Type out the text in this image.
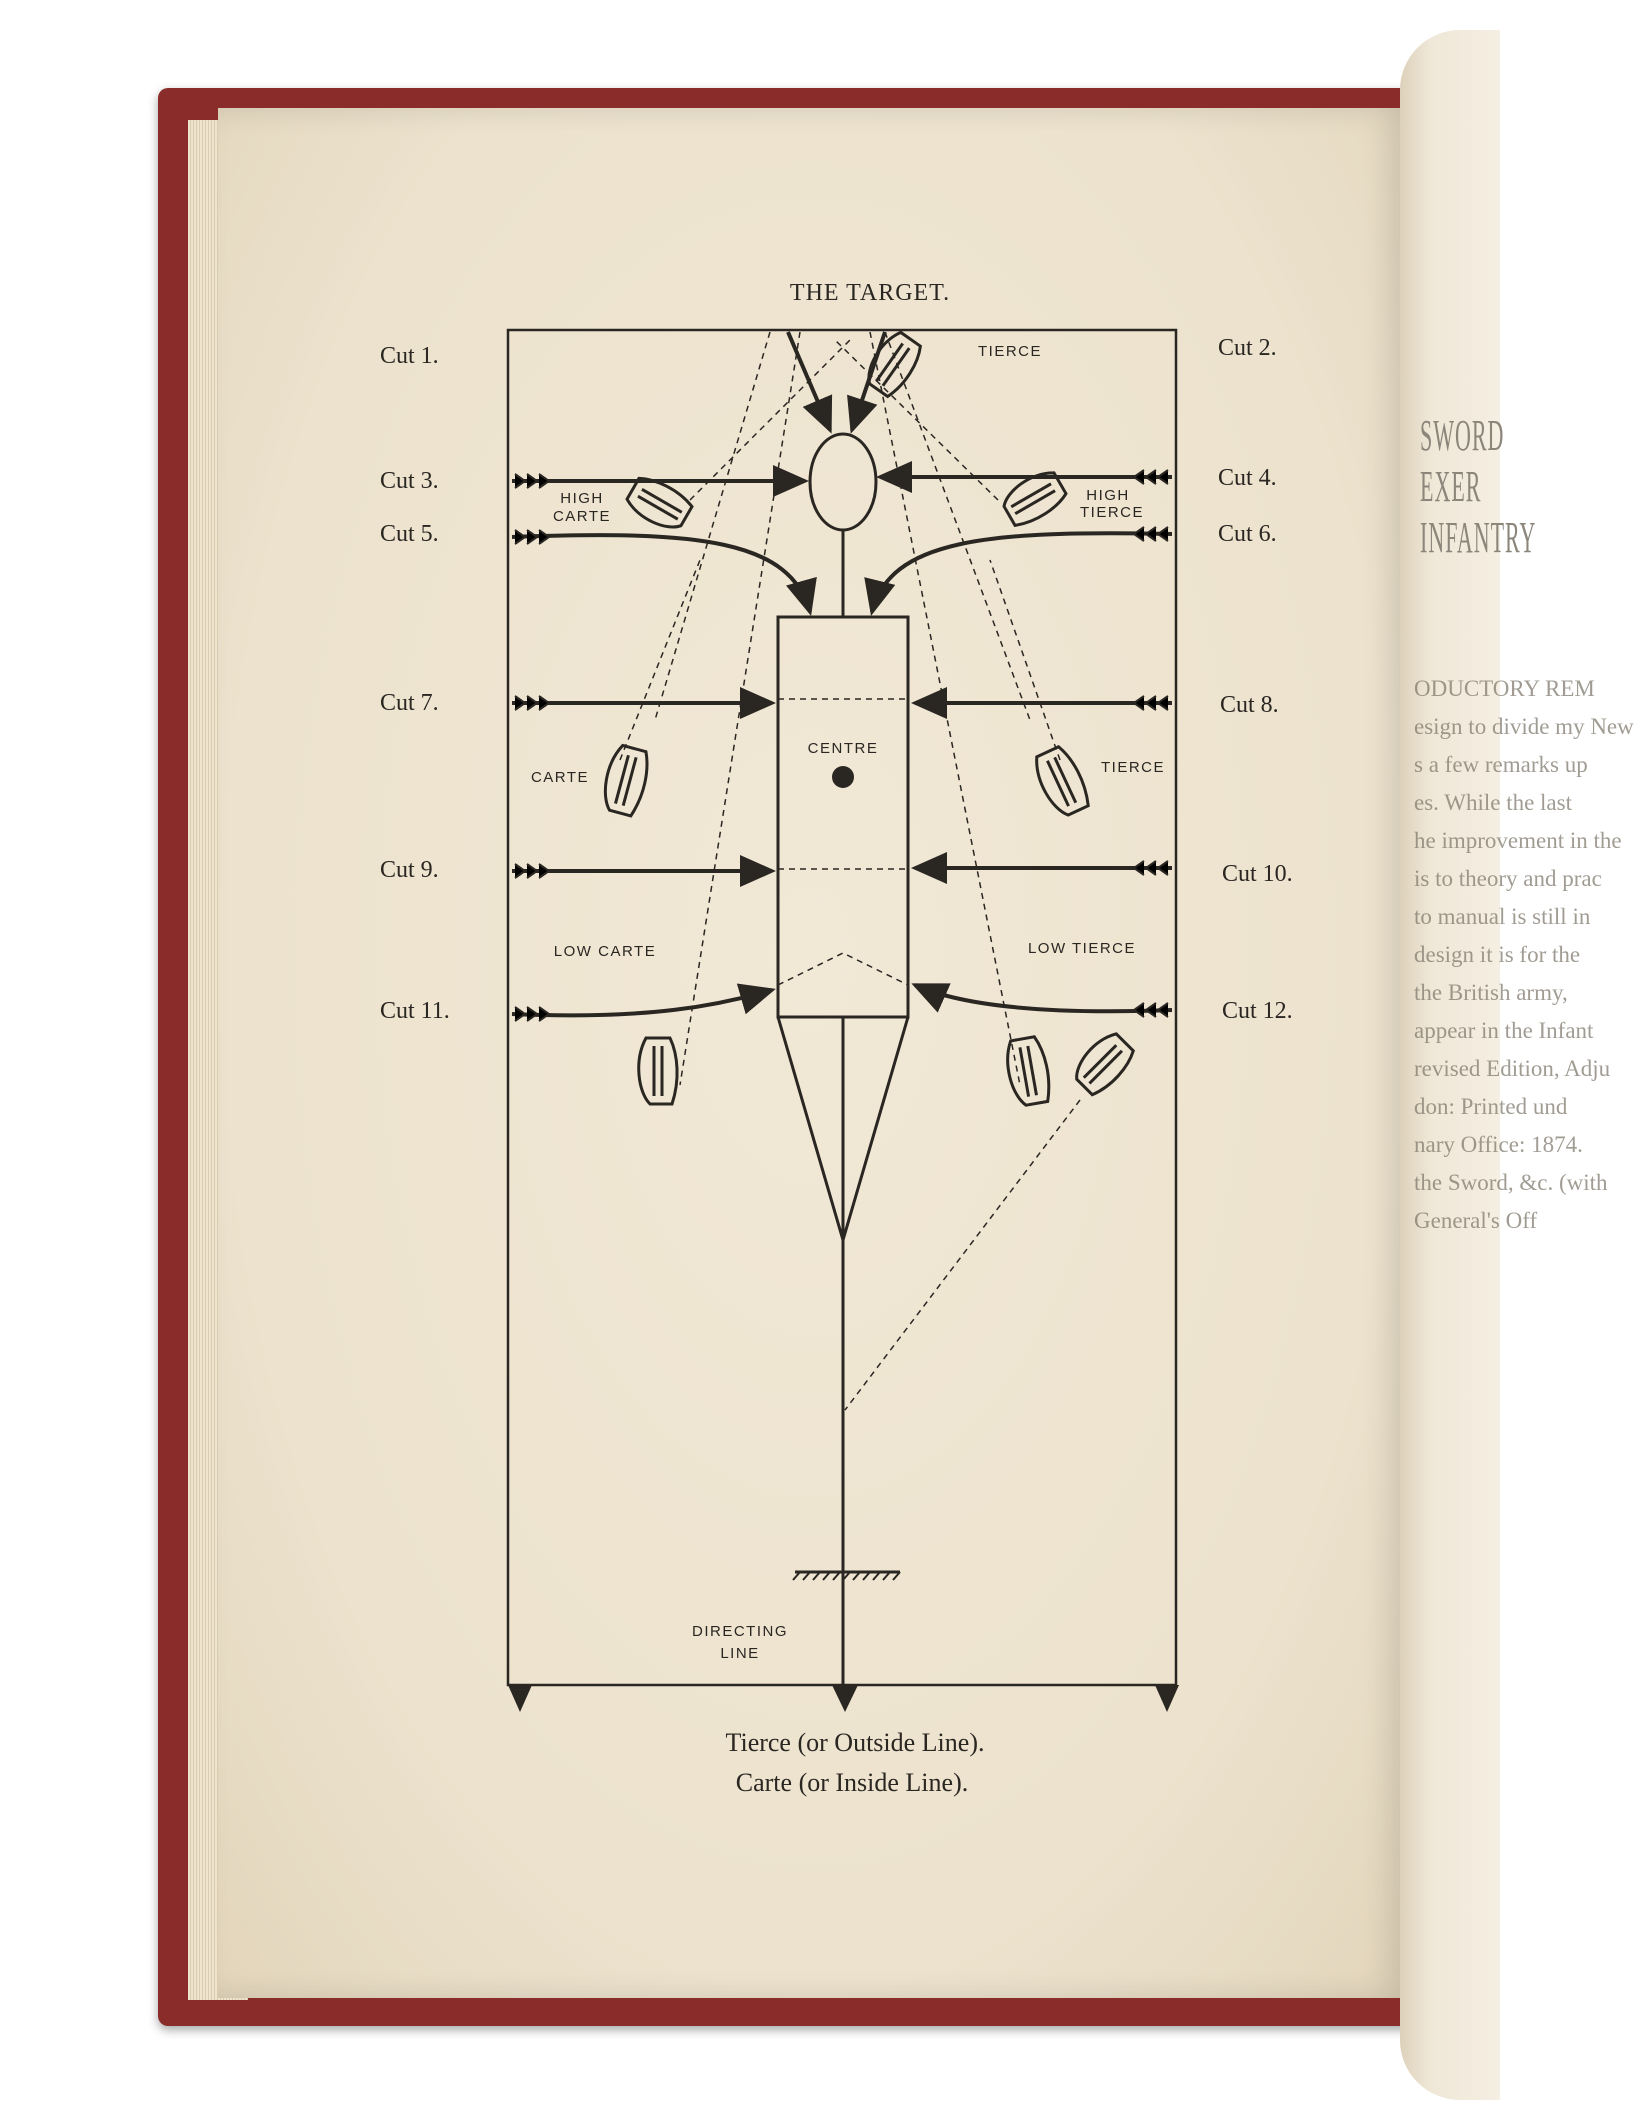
SWORD EXER INFANTRY
ODUCTORY REM
esign to divide my New
s a few remarks up
es. While the last
he improvement in the
is to theory and prac
to manual is still in
design it is for the
the British army,
appear in the Infant
revised Edition, Adju
don: Printed und
nary Office: 1874.
the Sword, &c. (with
General's Off
THE TARGET.
CENTRE
TIERCE
HIGH
CARTE
HIGH
TIERCE
CARTE
TIERCE
LOW CARTE	LOW TIERCE
DIRECTING
LINE
Cut 1.	Cut 2.
Cut 3.	Cut 4.
Cut 5.	Cut 6.
Cut 7.	Cut 8.
Cut 9.	Cut 10.
Cut 11.	Cut 12.
Tierce (or Outside Line).
Carte (or Inside Line).
